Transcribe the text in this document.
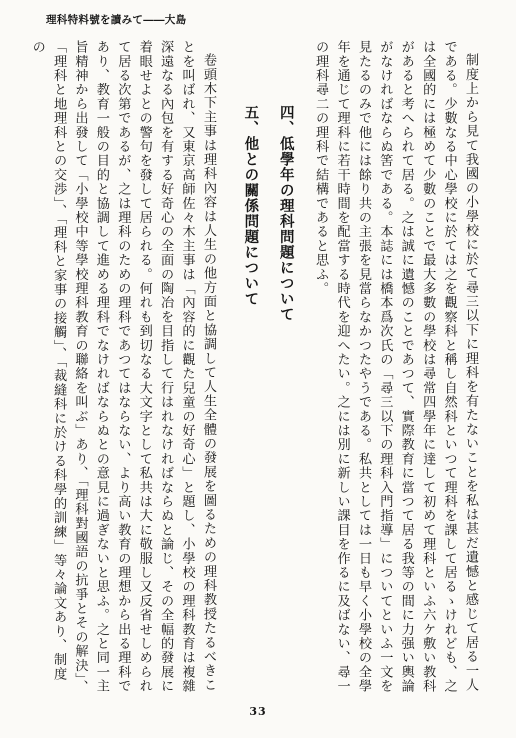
理科特料號を讀みて――大島

制度上から見て我國の小學校に於て尋三以下に理科を有たないことを私は甚だ遺憾と感じて居る一人である。少數なる中心學校に於ては之を觀察科と稱し自然科といつて理科を課して居るゝけれども、之は全國的には極めて少數のことで最大多數の學校は尋常四學年に達して初めて理科といふ六ケ敷い教科があると考へられて居る。之は誠に遺憾のことであつて、實際教育に當つて居る我等の間に力强い輿論がなければならぬ筈である。本誌には橋本爲次氏の「尋三以下の理科入門指導」についてといふ一文を見たるのみで他には餘り共の主張を見當らなかつたやうである。私共としては一日も早く小學校の全學年を通じて理科に若干時間を配當する時代を迎へたい。之には別に新しい課目を作るに及ばない、尋一の理科尋二の理科で結構であると思ふ。

四、低學年の理科問題について

五、他との關係問題について

卷頭木下主事は理科內容は人生の他方面と協調して人生全體の發展を圖るための理科教授たるべきことを叫ばれ、又東京高師佐々木主事は「內容的に觀た兒童の好奇心」と題し、小學校の理科教育は複雜深遠なる內包を有する好奇心の全面の陶冶を目指して行はれなければならぬと論じ、その全幅的發展に着眼せよとの警句を發して居られる。何れも到切なる大文字として私共は大に敬服し又反省せしめられて居る次第であるが、之は理科のための理科であつてはならない、より高い教育の理想から出る理科であり、教育一般の目的と協調して進める理科でなければならぬとの意見に過ぎないと思ふ。之と同一主旨精神から出發して「小學校中等學校理科教育の聯絡を叫ぶ」あり、「理科對國語の抗爭とその解決」、「理科と地理科との交渉」、「理科と家事の接觸」、「裁縫科に於ける科學的訓練」等々論文あり、制度の

33
